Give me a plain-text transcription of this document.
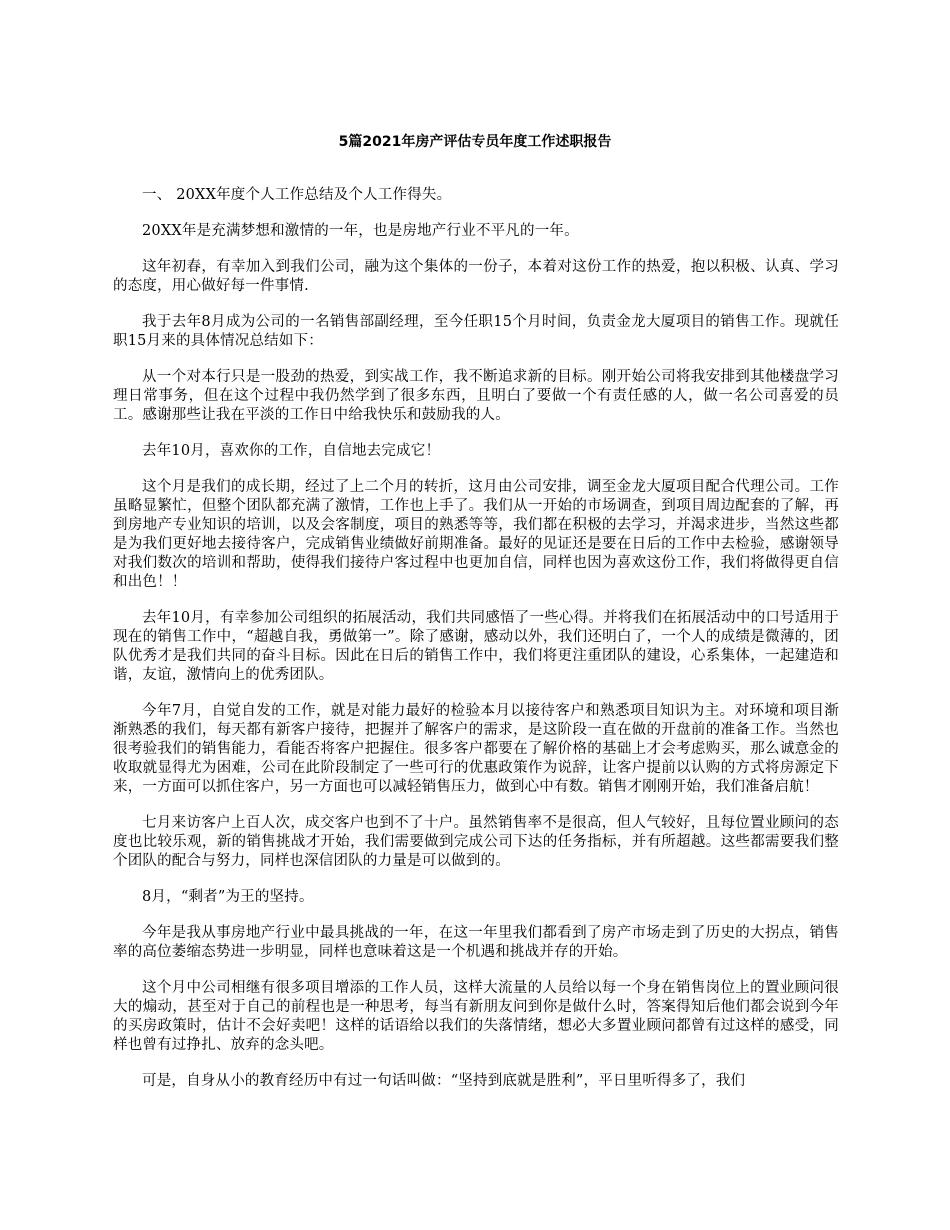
5篇2021年房产评估专员年度工作述职报告

一、 20XX年度个人工作总结及个人工作得失。

20XX年是充满梦想和激情的一年，也是房地产行业不平凡的一年。

这年初春，有幸加入到我们公司，融为这个集体的一份子，本着对这份工作的热爱，抱以积极、认真、学习的态度，用心做好每一件事情.

我于去年8月成为公司的一名销售部副经理，至今任职15个月时间，负责金龙大厦项目的销售工作。现就任职15月来的具体情况总结如下：

从一个对本行只是一股劲的热爱，到实战工作，我不断追求新的目标。刚开始公司将我安排到其他楼盘学习理日常事务，但在这个过程中我仍然学到了很多东西，且明白了要做一个有责任感的人，做一名公司喜爱的员工。感谢那些让我在平淡的工作日中给我快乐和鼓励我的人。

去年10月，喜欢你的工作，自信地去完成它！

这个月是我们的成长期，经过了上二个月的转折，这月由公司安排，调至金龙大厦项目配合代理公司。工作虽略显繁忙，但整个团队都充满了激情，工作也上手了。我们从一开始的市场调查，到项目周边配套的了解，再到房地产专业知识的培训，以及会客制度，项目的熟悉等等，我们都在积极的去学习，并渴求进步，当然这些都是为我们更好地去接待客户，完成销售业绩做好前期准备。最好的见证还是要在日后的工作中去检验，感谢领导对我们数次的培训和帮助，使得我们接待户客过程中也更加自信，同样也因为喜欢这份工作，我们将做得更自信和出色！！

去年10月，有幸参加公司组织的拓展活动，我们共同感悟了一些心得。并将我们在拓展活动中的口号适用于现在的销售工作中，“超越自我，勇做第一”。除了感谢，感动以外，我们还明白了，一个人的成绩是微薄的，团队优秀才是我们共同的奋斗目标。因此在日后的销售工作中，我们将更注重团队的建设，心系集体，一起建造和谐，友谊，激情向上的优秀团队。

今年7月，自觉自发的工作，就是对能力最好的检验本月以接待客户和熟悉项目知识为主。对环境和项目渐渐熟悉的我们，每天都有新客户接待，把握并了解客户的需求，是这阶段一直在做的开盘前的准备工作。当然也很考验我们的销售能力，看能否将客户把握住。很多客户都要在了解价格的基础上才会考虑购买，那么诚意金的收取就显得尤为困难，公司在此阶段制定了一些可行的优惠政策作为说辞，让客户提前以认购的方式将房源定下来，一方面可以抓住客户，另一方面也可以减轻销售压力，做到心中有数。销售才刚刚开始，我们准备启航！

七月来访客户上百人次，成交客户也到不了十户。虽然销售率不是很高，但人气较好，且每位置业顾问的态度也比较乐观，新的销售挑战才开始，我们需要做到完成公司下达的任务指标，并有所超越。这些都需要我们整个团队的配合与努力，同样也深信团队的力量是可以做到的。

8月，“剩者”为王的坚持。

今年是我从事房地产行业中最具挑战的一年，在这一年里我们都看到了房产市场走到了历史的大拐点，销售率的高位萎缩态势进一步明显，同样也意味着这是一个机遇和挑战并存的开始。

这个月中公司相继有很多项目增添的工作人员，这样大流量的人员给以每一个身在销售岗位上的置业顾问很大的煽动，甚至对于自己的前程也是一种思考，每当有新朋友问到你是做什么时，答案得知后他们都会说到今年的买房政策时，估计不会好卖吧！这样的话语给以我们的失落情绪，想必大多置业顾问都曾有过这样的感受，同样也曾有过挣扎、放弃的念头吧。

可是，自身从小的教育经历中有过一句话叫做：“坚持到底就是胜利”，平日里听得多了，我们
